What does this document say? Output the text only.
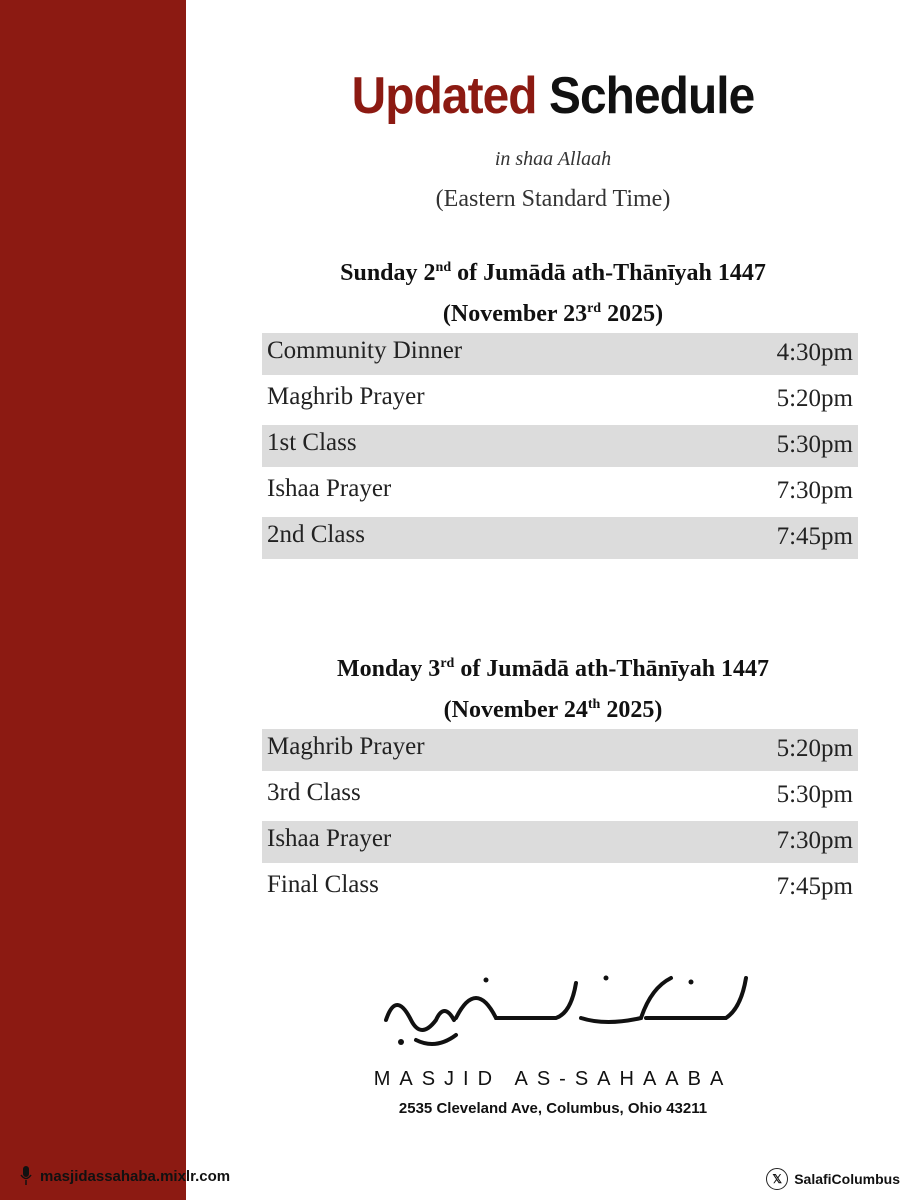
Updated Schedule
in shaa Allaah
(Eastern Standard Time)
Sunday 2nd of Jumādā ath-Thānīyah 1447
(November 23rd 2025)
Community Dinner	4:30pm
Maghrib Prayer	5:20pm
1st Class	5:30pm
Ishaa Prayer	7:30pm
2nd Class	7:45pm
Monday 3rd of Jumādā ath-Thānīyah 1447
(November 24th 2025)
Maghrib Prayer	5:20pm
3rd Class	5:30pm
Ishaa Prayer	7:30pm
Final Class	7:45pm
MASJID AS-SAHAABA
2535 Cleveland Ave, Columbus, Ohio 43211
masjidassahaba.mixlr.com	𝕏 SalafiColumbus
